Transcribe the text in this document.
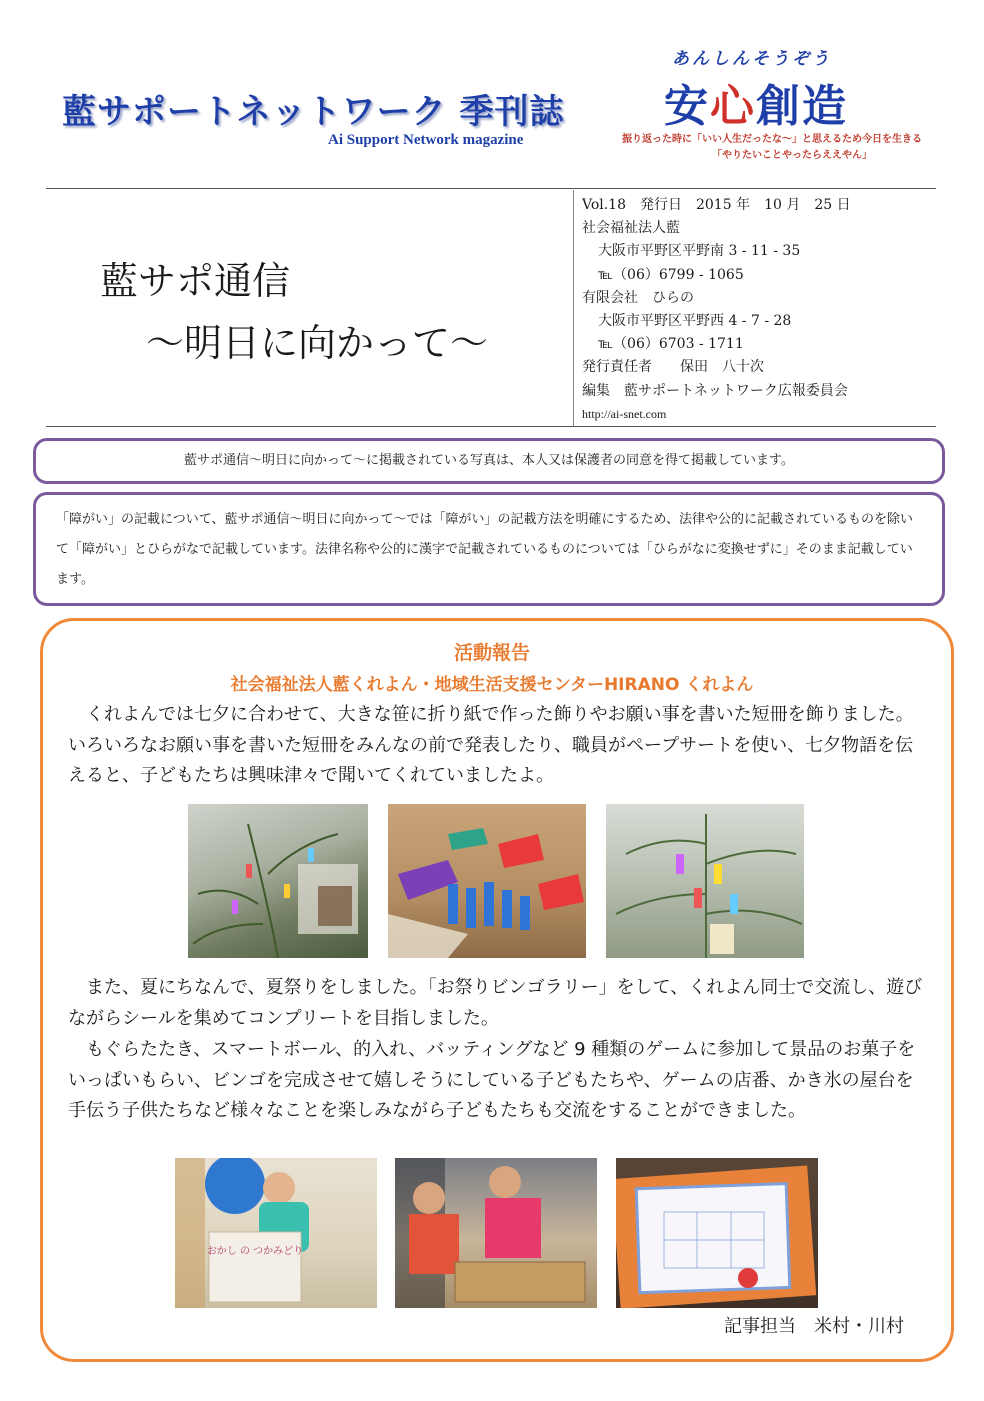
藍サポートネットワーク 季刊誌
Ai Support Network magazine
あんしんそうぞう
安心創造
振り返った時に「いい人生だったな～」と思えるため今日を生きる
「やりたいことやったらええやん」
藍サポ通信
～明日に向かって～
Vol.18　発行日　2015 年　10 月　25 日
社会福祉法人藍
大阪市平野区平野南 3 - 11 - 35
℡（06）6799 - 1065
有限会社　ひらの
大阪市平野区平野西 4 - 7 - 28
℡（06）6703 - 1711
発行責任者　　保田　八十次
編集　藍サポートネットワーク広報委員会
http://ai-snet.com

藍サポ通信～明日に向かって～に掲載されている写真は、本人又は保護者の同意を得て掲載しています。

「障がい」の記載について、藍サポ通信～明日に向かって～では「障がい」の記載方法を明確にするため、法律や公的に記載されているものを除いて「障がい」とひらがなで記載しています。法律名称や公的に漢字で記載されているものについては「ひらがなに変換せずに」そのまま記載しています。

活動報告
社会福祉法人藍くれよん・地域生活支援センターHIRANO くれよん
　くれよんでは七夕に合わせて、大きな笹に折り紙で作った飾りやお願い事を書いた短冊を飾りました。いろいろなお願い事を書いた短冊をみんなの前で発表したり、職員がペープサートを使い、七夕物語を伝えると、子どもたちは興味津々で聞いてくれていましたよ。
　また、夏にちなんで、夏祭りをしました。「お祭りビンゴラリー」をして、くれよん同士で交流し、遊びながらシールを集めてコンプリートを目指しました。
　もぐらたたき、スマートボール、的入れ、バッティングなど 9 種類のゲームに参加して景品のお菓子をいっぱいもらい、ビンゴを完成させて嬉しそうにしている子どもたちや、ゲームの店番、かき氷の屋台を手伝う子供たちなど様々なことを楽しみながら子どもたちも交流をすることができました。
おかし の つかみどり
記事担当　米村・川村
